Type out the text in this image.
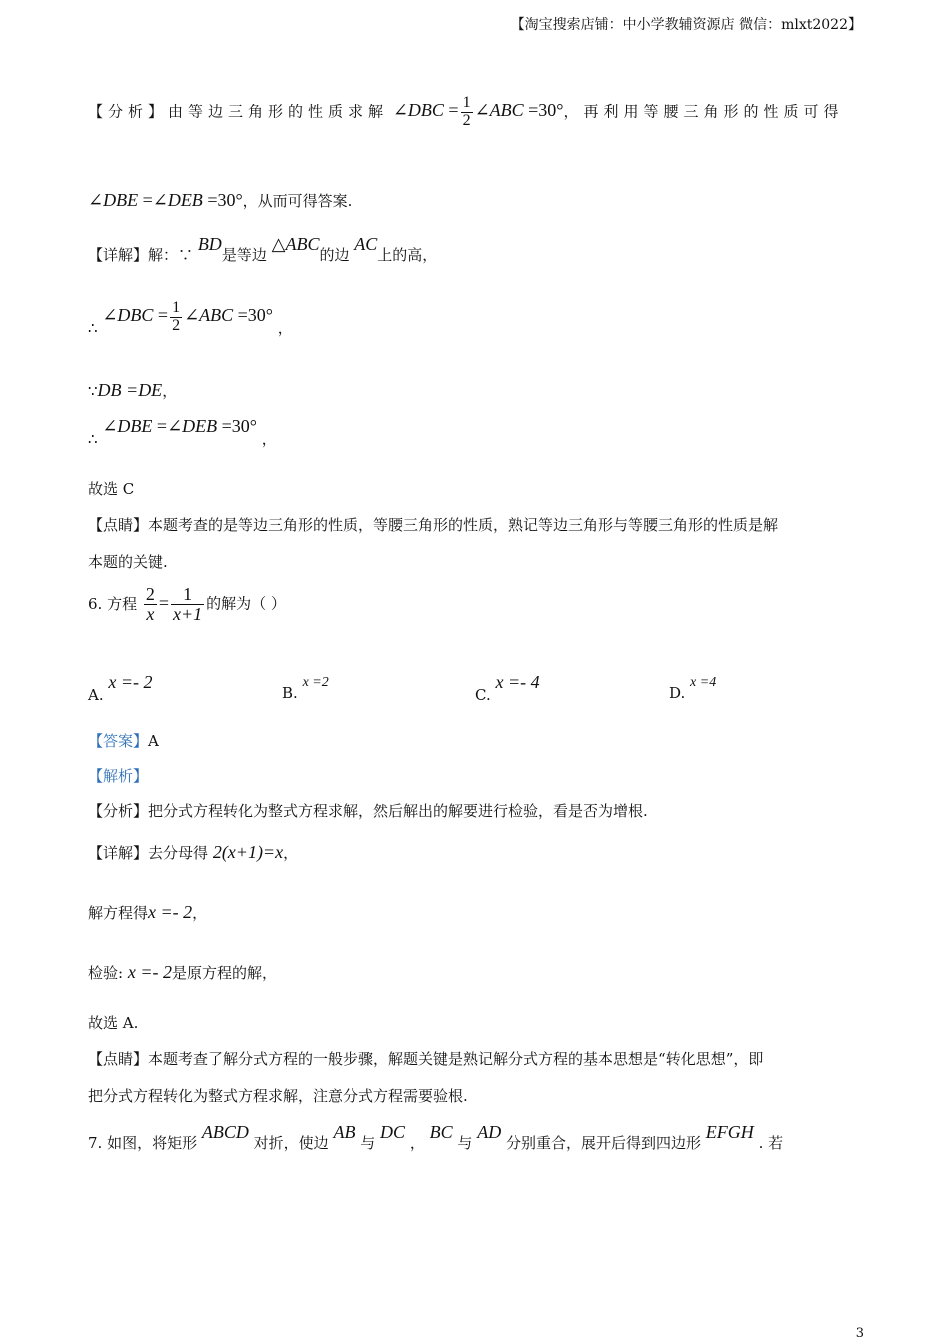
【淘宝搜索店铺：中小学教辅资源店 微信：mlxt2022】
【分析】由等边三角形的性质求解 ∠DBC = $\frac{1}{2}$ ∠ABC =30°，再利用等腰三角形的性质可得
∠DBE =∠DEB =30°，从而可得答案.
【详解】解：∵ BD是等边 △ABC的边 AC上的高，
∴ ∠DBC = $\frac{1}{2}$ ∠ABC =30° ，
∵DB =DE，
∴ ∠DBE =∠DEB =30° ，
故选 C
【点睛】本题考查的是等边三角形的性质，等腰三角形的性质，熟记等边三角形与等腰三角形的性质是解
本题的关键.
6. 方程 $\frac{2}{x} = \frac{1}{x+1}$ 的解为（ ）
A. x =- 2
B. x =2
C. x =- 4
D. x =4
【答案】A
【解析】
【分析】把分式方程转化为整式方程求解，然后解出的解要进行检验，看是否为增根.
【详解】去分母得 2(x+1)=x，
解方程得x =- 2，
检验: x =- 2是原方程的解，
故选 A.
【点睛】本题考查了解分式方程的一般步骤，解题关键是熟记解分式方程的基本思想是“转化思想”，即
把分式方程转化为整式方程求解，注意分式方程需要验根.
7. 如图，将矩形 ABCD 对折，使边 AB 与 DC ， BC 与 AD 分别重合，展开后得到四边形 EFGH . 若
3
